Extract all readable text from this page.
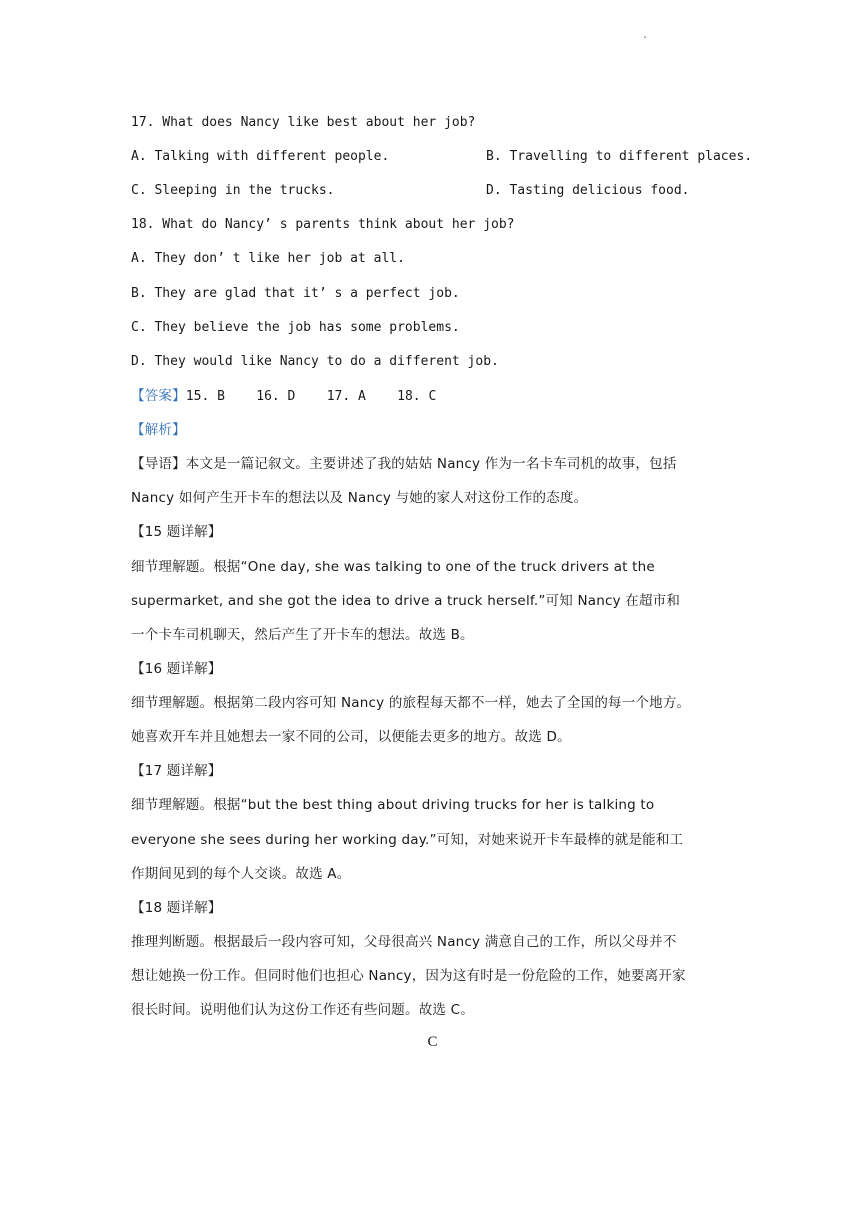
.
17. What does Nancy like best about her job?
A. Talking with different people.	B. Travelling to different places.
C. Sleeping in the trucks.	D. Tasting delicious food.
18. What do Nancy’ s parents think about her job?
A. They don’ t like her job at all.
B. They are glad that it’ s a perfect job.
C. They believe the job has some problems.
D. They would like Nancy to do a different job.
【答案】15. B    16. D    17. A    18. C
【解析】
【导语】本文是一篇记叙文。主要讲述了我的姑姑 Nancy 作为一名卡车司机的故事，包括
Nancy 如何产生开卡车的想法以及 Nancy 与她的家人对这份工作的态度。
【15 题详解】
细节理解题。根据“One day, she was talking to one of the truck drivers at the
supermarket, and she got the idea to drive a truck herself.”可知 Nancy 在超市和
一个卡车司机聊天，然后产生了开卡车的想法。故选 B。
【16 题详解】
细节理解题。根据第二段内容可知 Nancy 的旅程每天都不一样，她去了全国的每一个地方。
她喜欢开车并且她想去一家不同的公司，以便能去更多的地方。故选 D。
【17 题详解】
细节理解题。根据“but the best thing about driving trucks for her is talking to
everyone she sees during her working day.”可知，对她来说开卡车最棒的就是能和工
作期间见到的每个人交谈。故选 A。
【18 题详解】
推理判断题。根据最后一段内容可知，父母很高兴 Nancy 满意自己的工作，所以父母并不
想让她换一份工作。但同时他们也担心 Nancy，因为这有时是一份危险的工作，她要离开家
很长时间。说明他们认为这份工作还有些问题。故选 C。
C
